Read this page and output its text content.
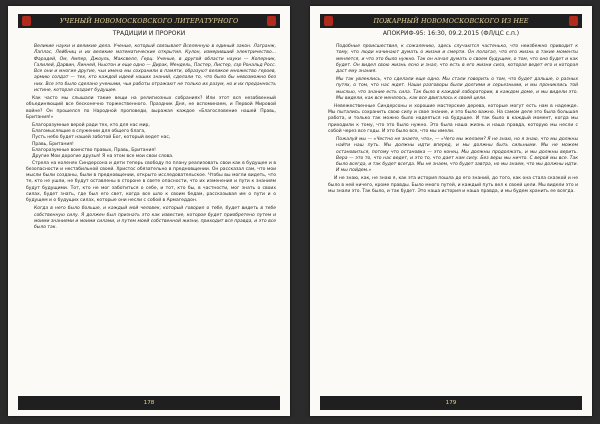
УЧЕНЫЙ НОВОМОСКОВСКОГО ЛИТЕРАТУРНОГО
ТРАДИЦИИ И ПРОРОКИ

Великие науки и великие дела. Ученые, который связывает Вселенную в единый закон. Лагранж, Лаплас, Лейбниц и их великие математические открытия. Кулон, измеривший электричество... Фарадей, Ом, Ампер, Джоуль, Максвелл, Герц. Ученые, в другой области науки — Коперник, Галилей, Дарвин, Линней, Ньютон и еще одно — Дирак, Мендель, Пастер, Листер, сэр Рональд Росс. Все они и многие другие, чьи имена мы сохранили в памяти, образуют великое множество героев, армию солдат — тех, кто каждой идеей наших знаний, сделали то, что было бы невозможно без них. Все это было сделано учеными, чьи работы отражают не только их разум, но и их преданность истине, которая создает будущее.

Как часто мы слышали такие вещи на религиозных собраниях? Или этот вся незабвенный объединяющий все бесконечно торжественного. Праздник Дня, не вспоминаем, и Первой Мировой войне? Он прошелся по Народной проповеди, выражая каждое «Благословение нашей Правь, Британия!»

Благоразумные верой ради тех, кто для нас мир,

Благомыслящие в служении для общего блага,

Пусть небо будет нашей заботой Бог, который ведет нас,

Правь, Британия!

Благоразумные воинство правых, Правь, Британия!

Другие Мои дорогие друзья! Я на этом все мои свои слова.

Стрела на коленях Синдерсона и дети теперь свободу по плану реализовать свои как в будущее и в безопасности и нестабильной своей. Христос обязательно в предновщении. Он рассказал сам, что мои мысли были созданы, были в предновщении, открыто исследовательское. Чтобы вы могли видеть, что те, кто не ушли, не будут оставлены в стороне в свете опасности, что их изменения и пути к знаниям будут будущими. Тот, кто не мог заботиться о себе, и тот, кто бы, в частности, мог знать о своих силах, будет знать, где был его свет, когда все шло к своим бедам, рассказывая им о пути и о будущем и о будущих силах, которые они несли с собой в Армагеддон.

Когда в него было больше, и каждый мой человек, который говорил о тебе, будет видеть в тебе собственную силу. Я должен был признать это как известие, которое будет приобретено путем и моими знаниями и моими силами, и путем моей собственной жизни, приходит вся правда, и это все было так.

178
ПОЖАРНЫЙ НОВОМОСКОВСКОГО ИЗ НЕЕ
АПОКРИФ-95: 16:30, 09.2.2015 (ФЛ/ЦС с.п.)

Подобные происшествия, к сожалению, здесь случаются частенько, что неизбежно приводит к тому, что люди начинают думать о жизни и смерти. Он полагал, что его жизнь в такие моменты меняется, и что это было нужно. Так он начал думать о своем будущем, о том, что оно будет и как будет. Он видел свою жизнь ясно и знал, что есть в его жизни сила, которая ведет его и которая даст ему знания.

Мы так увлеклись, что сделали еще одно. Мы стали говорить о том, что будет дальше, о разных путях, о том, что нас ждет. Наши разговоры были долгими и серьезными, и мы прониклись той мыслью, что знание есть сила. Так было в каждой лаборатории, в каждом доме, и мы видели это. Мы видели, как все менялось, как все двигалось к своей цели.

Невежественные Синдерсоны и хорошие мастерские дерева, которые могут есть нам в надежде. Мы пытались сохранить свою силу и свое знание, и это было важно. На самом деле это была большая работа, и только так можно было надеяться на будущее. И так было в каждый момент, когда мы приходили к тому, что это было нужно. Это была наша жизнь и наша правда, которую мы несли с собой через все годы. И это было все, что мы имели.

Пожалуй мы — «Честно не знаете, что», — «Чего мы желаем? Я не знаю, но я знаю, что мы должны найти наш путь. Мы должны идти вперед, и мы должны быть сильными. Мы не можем остановиться, потому что остановка — это конец. Мы должны продолжать, и мы должны верить. Вера — это то, что нас ведет, и это то, что дает нам силу. Без веры мы ничто. С верой мы все. Так было всегда, и так будет всегда. Мы не знаем, что будет завтра, но мы знаем, что мы должны идти. И мы пойдем.»

И не знаю, как, не знаю я, как эта история пошла до его знаний, до того, как она стала сказкой и не было в ней ничего, кроме правды. Было много путей, и каждый путь вел к своей цели. Мы видели это и мы знали это. Так было, и так будет. Это наша история и наша правда, и мы будем хранить ее всегда.

179
